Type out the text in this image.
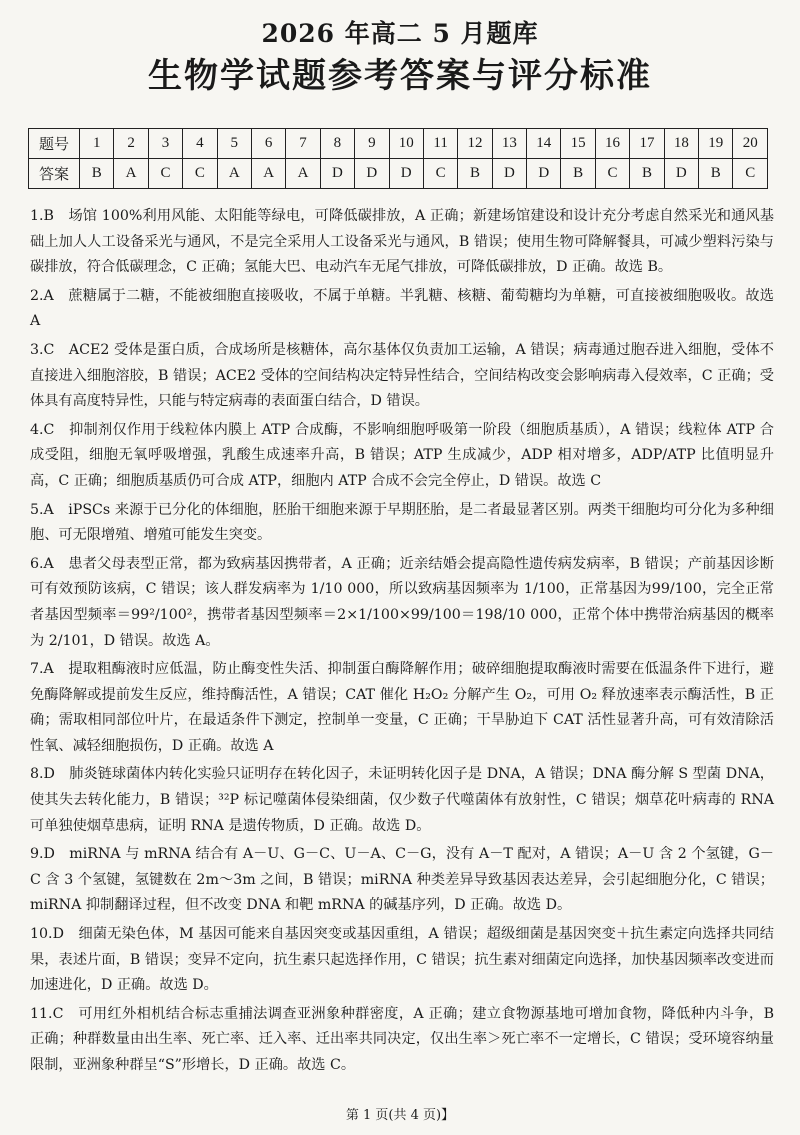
2026 年高二 5 月题库
生物学试题参考答案与评分标准
题号	1	2	3	4	5	6	7	8	9	10	11	12	13	14	15	16	17	18	19	20
答案	B	A	C	C	A	A	A	D	D	D	C	B	D	D	B	C	B	D	B	C

1.B　场馆 100%利用风能、太阳能等绿电，可降低碳排放，A 正确；新建场馆建设和设计充分考虑自然采光和通风基础上加人人工设备采光与通风，不是完全采用人工设备采光与通风，B 错误；使用生物可降解餐具，可减少塑料污染与碳排放，符合低碳理念，C 正确；氢能大巴、电动汽车无尾气排放，可降低碳排放，D 正确。故选 B。

2.A　蔗糖属于二糖，不能被细胞直接吸收，不属于单糖。半乳糖、核糖、葡萄糖均为单糖，可直接被细胞吸收。故选 A

3.C　ACE2 受体是蛋白质，合成场所是核糖体，高尔基体仅负责加工运输，A 错误；病毒通过胞吞进入细胞，受体不直接进入细胞溶胶，B 错误；ACE2 受体的空间结构决定特异性结合，空间结构改变会影响病毒入侵效率，C 正确；受体具有高度特异性，只能与特定病毒的表面蛋白结合，D 错误。

4.C　抑制剂仅作用于线粒体内膜上 ATP 合成酶，不影响细胞呼吸第一阶段（细胞质基质），A 错误；线粒体 ATP 合成受阻，细胞无氧呼吸增强，乳酸生成速率升高，B 错误；ATP 生成减少，ADP 相对增多，ADP/ATP 比值明显升高，C 正确；细胞质基质仍可合成 ATP，细胞内 ATP 合成不会完全停止，D 错误。故选 C

5.A　iPSCs 来源于已分化的体细胞，胚胎干细胞来源于早期胚胎，是二者最显著区别。两类干细胞均可分化为多种细胞、可无限增殖、增殖可能发生突变。

6.A　患者父母表型正常，都为致病基因携带者，A 正确；近亲结婚会提高隐性遗传病发病率，B 错误；产前基因诊断可有效预防该病，C 错误；该人群发病率为 1/10 000，所以致病基因频率为 1/100，正常基因为99/100，完全正常者基因型频率＝99²/100²，携带者基因型频率＝2×1/100×99/100＝198/10 000，正常个体中携带治病基因的概率为 2/101，D 错误。故选 A。

7.A　提取粗酶液时应低温，防止酶变性失活、抑制蛋白酶降解作用；破碎细胞提取酶液时需要在低温条件下进行，避免酶降解或提前发生反应，维持酶活性，A 错误；CAT 催化 H₂O₂ 分解产生 O₂，可用 O₂ 释放速率表示酶活性，B 正确；需取相同部位叶片，在最适条件下测定，控制单一变量，C 正确；干旱胁迫下 CAT 活性显著升高，可有效清除活性氧、减轻细胞损伤，D 正确。故选 A

8.D　肺炎链球菌体内转化实验只证明存在转化因子，未证明转化因子是 DNA，A 错误；DNA 酶分解 S 型菌 DNA，使其失去转化能力，B 错误；³²P 标记噬菌体侵染细菌，仅少数子代噬菌体有放射性，C 错误；烟草花叶病毒的 RNA 可单独使烟草患病，证明 RNA 是遗传物质，D 正确。故选 D。

9.D　miRNA 与 mRNA 结合有 A－U、G－C、U－A、C－G，没有 A－T 配对，A 错误；A－U 含 2 个氢键，G－C 含 3 个氢键，氢键数在 2m～3m 之间，B 错误；miRNA 种类差异导致基因表达差异，会引起细胞分化，C 错误；miRNA 抑制翻译过程，但不改变 DNA 和靶 mRNA 的碱基序列，D 正确。故选 D。

10.D　细菌无染色体，M 基因可能来自基因突变或基因重组，A 错误；超级细菌是基因突变＋抗生素定向选择共同结果，表述片面，B 错误；变异不定向，抗生素只起选择作用，C 错误；抗生素对细菌定向选择，加快基因频率改变进而加速进化，D 正确。故选 D。

11.C　可用红外相机结合标志重捕法调查亚洲象种群密度，A 正确；建立食物源基地可增加食物，降低种内斗争，B 正确；种群数量由出生率、死亡率、迁入率、迁出率共同决定，仅出生率＞死亡率不一定增长，C 错误；受环境容纳量限制，亚洲象种群呈“S”形增长，D 正确。故选 C。

第 1 页(共 4 页)】
